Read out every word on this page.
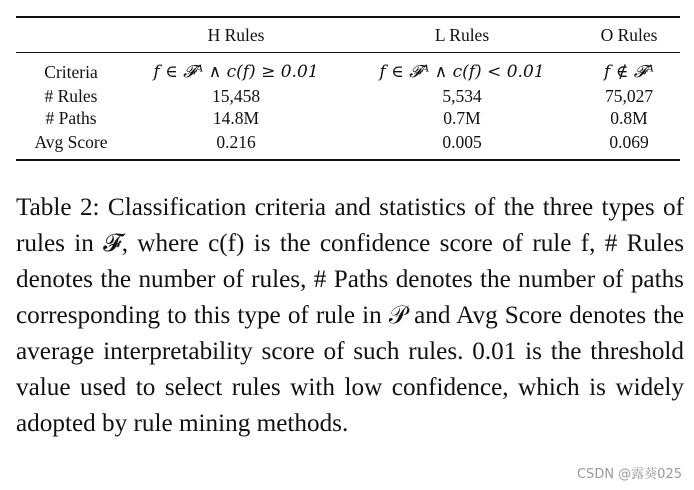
	H Rules	L Rules	O Rules
Criteria	f ∈ 𝓕ᴬ ∧ c(f) ≥ 0.01	f ∈ 𝓕ᴬ ∧ c(f) < 0.01	f ∉ 𝓕ᴬ
# Rules	15,458	5,534	75,027
# Paths	14.8M	0.7M	0.8M
Avg Score	0.216	0.005	0.069
Table 2: Classification criteria and statistics of the three types of rules in 𝓕, where c(f) is the confidence score of rule f, # Rules denotes the number of rules, # Paths denotes the number of paths corresponding to this type of rule in 𝒫 and Avg Score denotes the average interpretability score of such rules. 0.01 is the threshold value used to select rules with low confidence, which is widely adopted by rule mining methods.
CSDN @露葵025
